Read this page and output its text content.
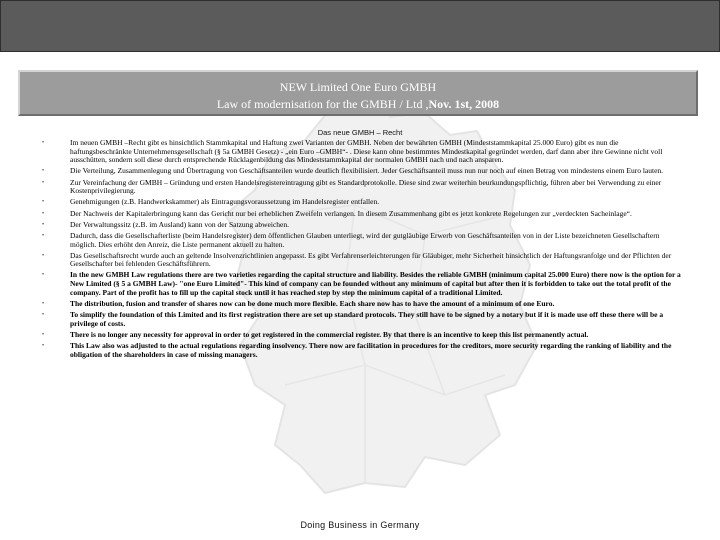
NEW Limited One Euro GMBH
Law of modernisation for the GMBH / Ltd ,Nov. 1st, 2008
Das neue GMBH – Recht
•	Im neuen GMBH –Recht gibt es hinsichtlich Stammkapital und Haftung zwei Varianten der GMBH. Neben der bewährten GMBH (Mindeststammkapital 25.000 Euro) gibt es nun die haftungsbeschränkte Unternehmensgesellschaft (§ 5a GMBH Gesetz) - „ein Euro –GMBH“- . Diese kann ohne bestimmtes Mindestkapital gegründet werden, darf dann aber ihre Gewinne nicht voll ausschütten, sondern soll diese durch entsprechende Rücklagenbildung das Mindeststammkapital der normalen GMBH nach und nach ansparen.
•	Die Verteilung, Zusammenlegung und Übertragung von Geschäftsanteilen wurde deutlich flexibilisiert. Jeder Geschäftsanteil muss nun nur noch auf einen Betrag von mindestens einem Euro lauten.
•	Zur Vereinfachung der GMBH – Gründung und ersten Handelsregistereintragung gibt es Standardprotokolle. Diese sind zwar weiterhin beurkundungspflichtig, führen aber bei Verwendung zu einer Kostenprivilegierung.
•	Genehmigungen (z.B. Handwerkskammer) als Eintragungsvoraussetzung im Handelsregister entfallen.
•	Der Nachweis der Kapitalerbringung kann das Gericht nur bei erheblichen Zweifeln verlangen. In diesem Zusammenhang gibt es jetzt konkrete Regelungen zur „verdeckten Sacheinlage“.
•	Der Verwaltungssitz (z.B. im Ausland) kann von der Satzung abweichen.
•	Dadurch, dass die Gesellschafterliste (beim Handelsregister) dem öffentlichen Glauben unterliegt, wird der gutgläubige Erwerb von Geschäftsanteilen von in der Liste bezeichneten Gesellschaftern möglich. Dies erhöht den Anreiz, die Liste permanent aktuell zu halten.
•	Das Gesellschaftsrecht wurde auch an geltende Insolvenzrichtlinien angepasst. Es gibt Verfahrenserleichterungen für Gläubiger, mehr Sicherheit hinsichtlich der Haftungsranfolge und der Pflichten der Gesellschafter bei fehlenden Geschäftsführern.
•	In the new GMBH Law regulations there are two varieties regarding the capital structure and liability. Besides the reliable GMBH (minimum capital 25.000 Euro) there now is the option for a New Limited (§ 5 a GMBH Law)- "one Euro Limited"- This kind of company can be founded without any minimum of capital but after then it is forbidden to take out the total profit of the company. Part of the profit has to fill up the capital stock until it has reached step by step the minimum capital of a traditional Limited.
•	The distribution, fusion and transfer of shares now can be done much more flexible. Each share now has to have the amount of a minimum of one Euro.
•	To simplify the foundation of this Limited and its first registration there are set up standard protocols. They still have to be signed by a notary but if it is made use off these there will be a privilege of costs.
•	There is no longer any necessity for approval in order to get registered in the commercial register. By that there is an incentive to keep this list permanently actual.
•	This Law also was adjusted to the actual regulations regarding insolvency. There now are facilitation in procedures for the creditors, more security regarding the ranking of liability and the obligation of the shareholders in case of missing managers.
Doing Business in Germany
